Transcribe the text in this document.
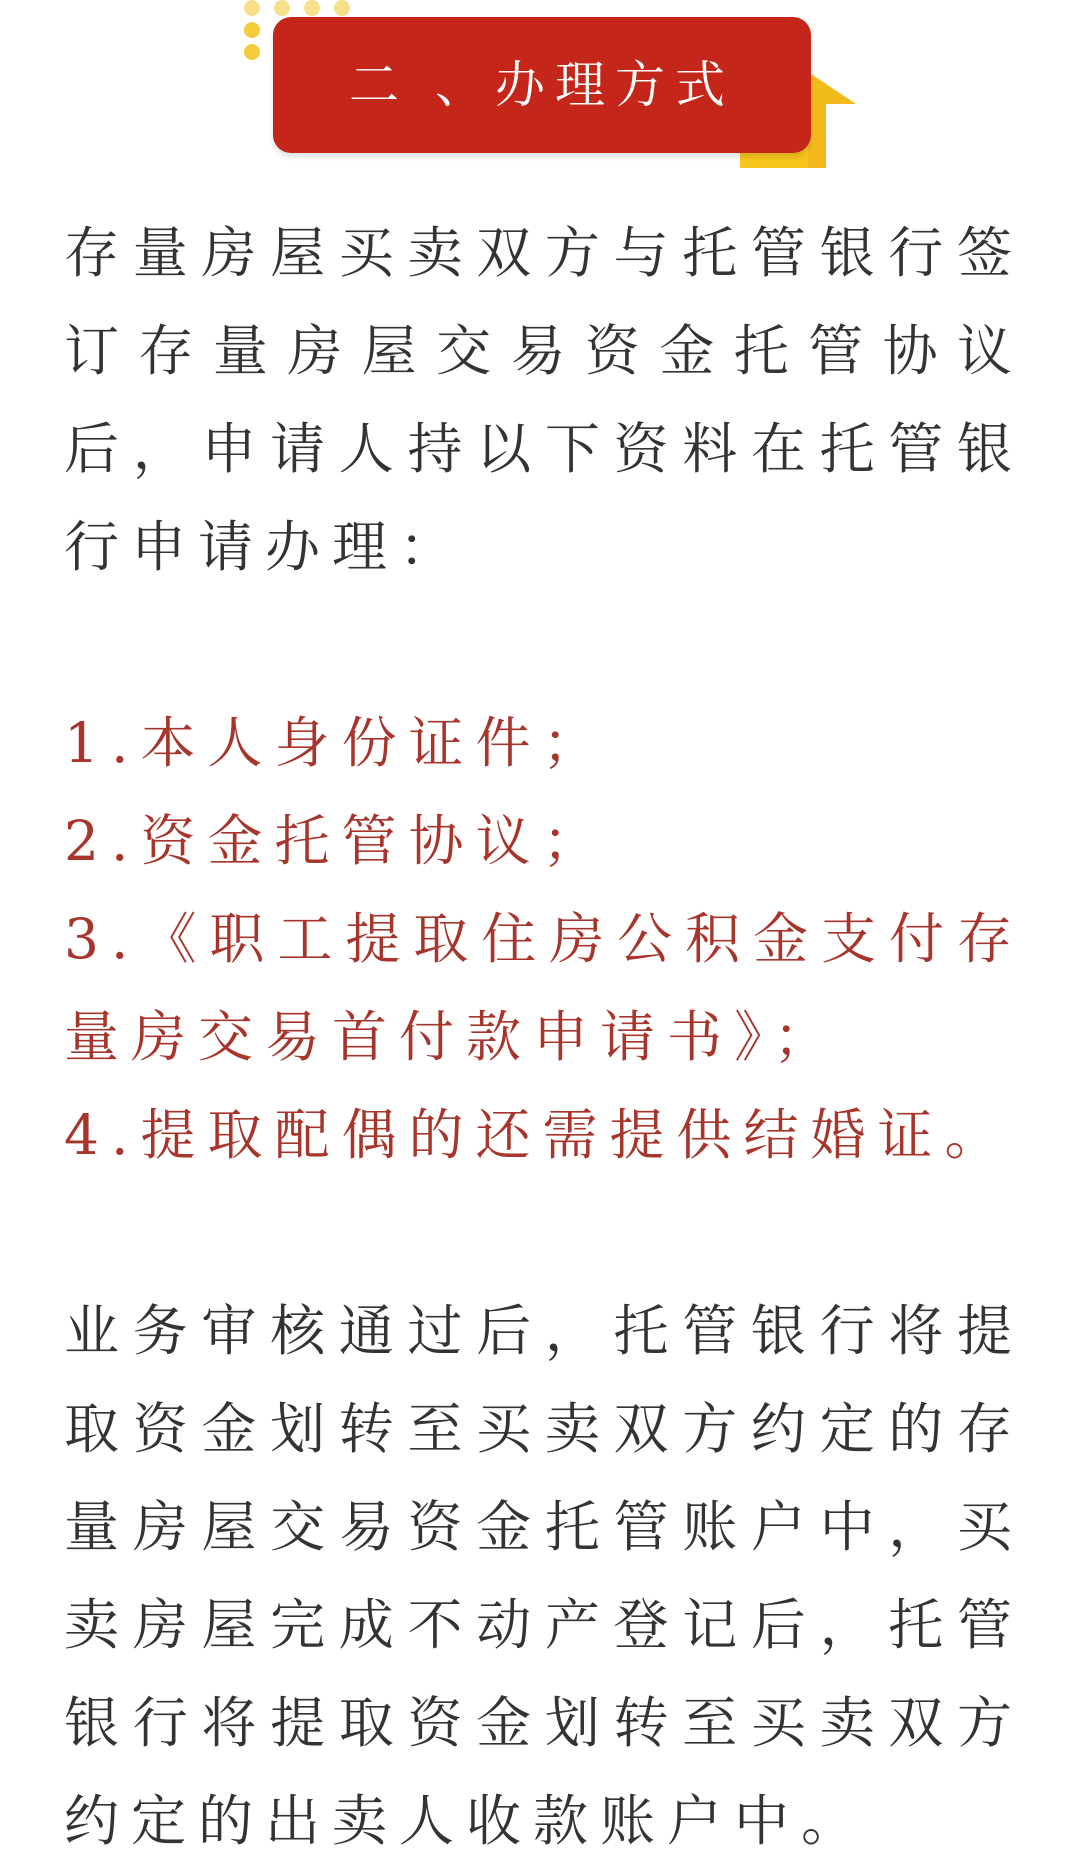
二 、办理方式

存量房屋买卖双方与托管银行签订存量房屋交易资金托管协议后，申请人持以下资料在托管银行申请办理：

1.本人身份证件；

2.资金托管协议；

3.《职工提取住房公积金支付存量房交易首付款申请书》；

4.提取配偶的还需提供结婚证。

业务审核通过后，托管银行将提取资金划转至买卖双方约定的存量房屋交易资金托管账户中，买卖房屋完成不动产登记后，托管银行将提取资金划转至买卖双方约定的出卖人收款账户中。
